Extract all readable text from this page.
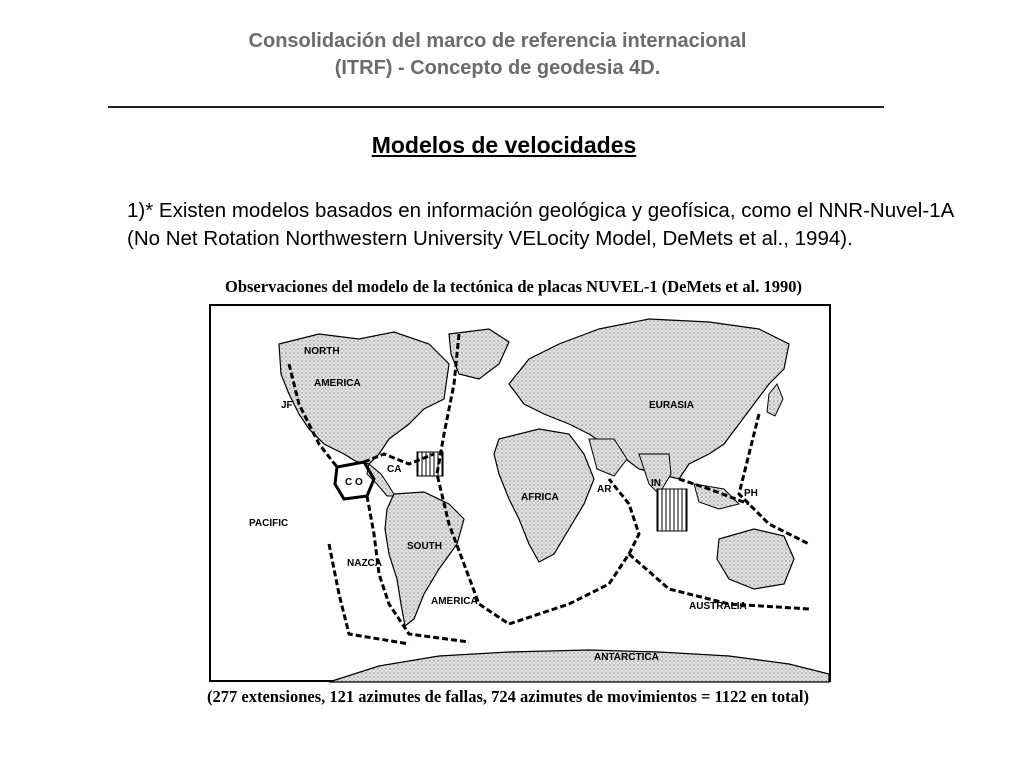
Consolidación del marco de referencia internacional
(ITRF) - Concepto de geodesia 4D.
Modelos de velocidades
1)* Existen modelos basados en información geológica y geofísica, como el NNR-Nuvel-1A (No Net Rotation Northwestern University VELocity Model, DeMets et al., 1994).
Observaciones del modelo de la tectónica de placas NUVEL-1 (DeMets et al. 1990)
NORTH
AMERICA
JF
PACIFIC
C O
CA
NAZCA
SOUTH
AMERICA
AFRICA
AR
EURASIA
IN
PH
AUSTRALIA
ANTARCTICA
(277 extensiones, 121 azimutes de fallas, 724 azimutes de movimientos = 1122 en total)
